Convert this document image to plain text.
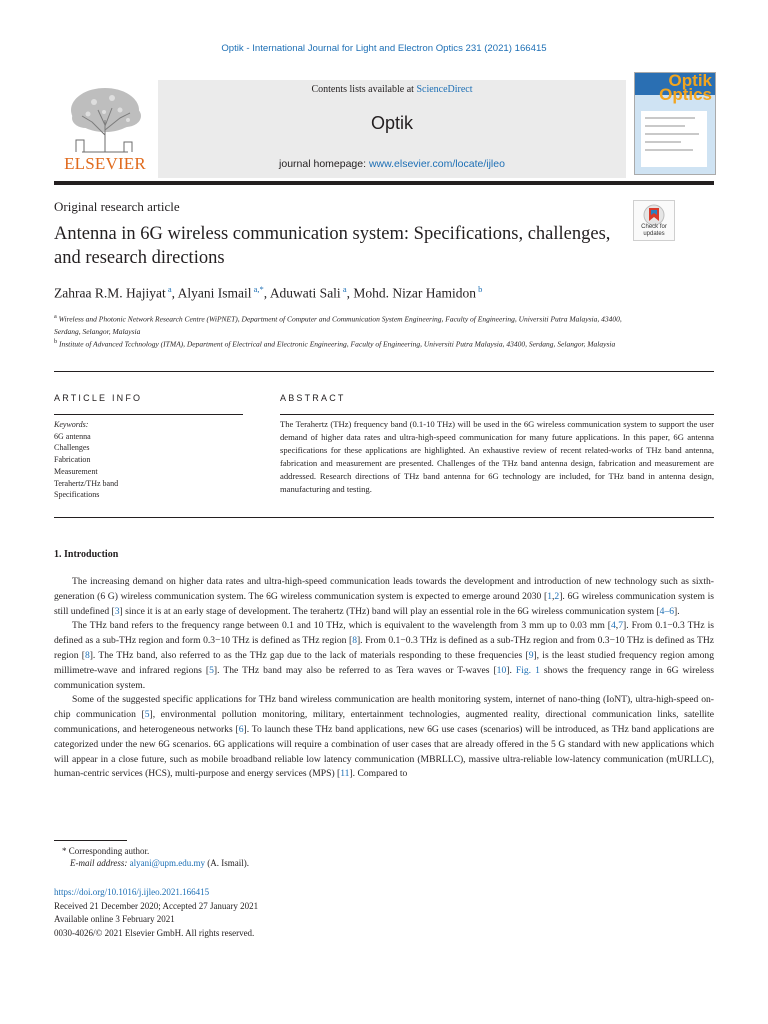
Optik - International Journal for Light and Electron Optics 231 (2021) 166415
ELSEVIER
Contents lists available at ScienceDirect
Optik
journal homepage: www.elsevier.com/locate/ijleo
Optik Optics
Original research article
Antenna in 6G wireless communication system: Specifications, challenges, and research directions
Check for updates
Zahraa R.M. Hajiyat $^a$, Alyani Ismail $^{a,*}$, Aduwati Sali $^a$, Mohd. Nizar Hamidon $^b$
$^a$ Wireless and Photonic Network Research Centre (WiPNET), Department of Computer and Communication System Engineering, Faculty of Engineering, Universiti Putra Malaysia, 43400, Serdang, Selangor, Malaysia
$^b$ Institute of Advanced Tcchnology (ITMA), Department of Electrical and Electronic Engineering, Faculty of Engineering, Universiti Putra Malaysia, 43400, Serdang, Selangor, Malaysia
ARTICLE INFO	ABSTRACT
Keywords:
6G antenna
Challenges
Fabrication
Measurement
Terahertz/THz band
Specifications
The Terahertz (THz) frequency band (0.1-10 THz) will be used in the 6G wireless communication system to support the user demand of higher data rates and ultra-high-speed communication for many future applications. In this paper, 6G antenna specifications for these applications are highlighted. An exhaustive review of recent related-works of THz band antenna, fabrication and measurement are presented. Challenges of the THz band antenna design, fabrication and measurement are addressed. Research directions of THz band antenna for 6G technology are included, for THz band in antenna design, manufacturing and testing.
1. Introduction

The increasing demand on higher data rates and ultra-high-speed communication leads towards the development and introduction of new technology such as sixth-generation (6 G) wireless communication system. The 6G wireless communication system is expected to emerge around 2030 [1,2]. 6G wireless communication system is still undefined [3] since it is at an early stage of development. The terahertz (THz) band will play an essential role in the 6G wireless communication system [4–6].

The THz band refers to the frequency range between 0.1 and 10 THz, which is equivalent to the wavelength from 3 mm up to 0.03 mm [4,7]. From 0.1−0.3 THz is defined as a sub-THz region and form 0.3−10 THz is defined as THz region [8]. From 0.1−0.3 THz is defined as a sub-THz region and from 0.3−10 THz is defined as THz region [8]. The THz band, also referred to as the THz gap due to the lack of materials responding to these frequencies [9], is the least studied frequency region among millimetre-wave and infrared regions [5]. The THz band may also be referred to as Tera waves or T-waves [10]. Fig. 1 shows the frequency range in 6G wireless communication system.

Some of the suggested specific applications for THz band wireless communication are health monitoring system, internet of nano-thing (IoNT), ultra-high-speed on-chip communication [5], environmental pollution monitoring, military, entertainment technologies, augmented reality, directional communication links, satellite communications, and heterogeneous networks [6]. To launch these THz band applications, new 6G use cases (scenarios) will be introduced, as THz band applications are categorized under the new 6G scenarios. 6G applications will require a combination of user cases that are already offered in the 5 G standard with new applications which will appear in a close future, such as mobile broadband reliable low latency communication (MBRLLC), massive ultra-reliable low-latency communication (mURLLC), human-centric services (HCS), multi-purpose and energy services (MPS) [11]. Compared to

* Corresponding author.
E-mail address: alyani@upm.edu.my (A. Ismail).
https://doi.org/10.1016/j.ijleo.2021.166415
Received 21 December 2020; Accepted 27 January 2021
Available online 3 February 2021
0030-4026/© 2021 Elsevier GmbH. All rights reserved.
